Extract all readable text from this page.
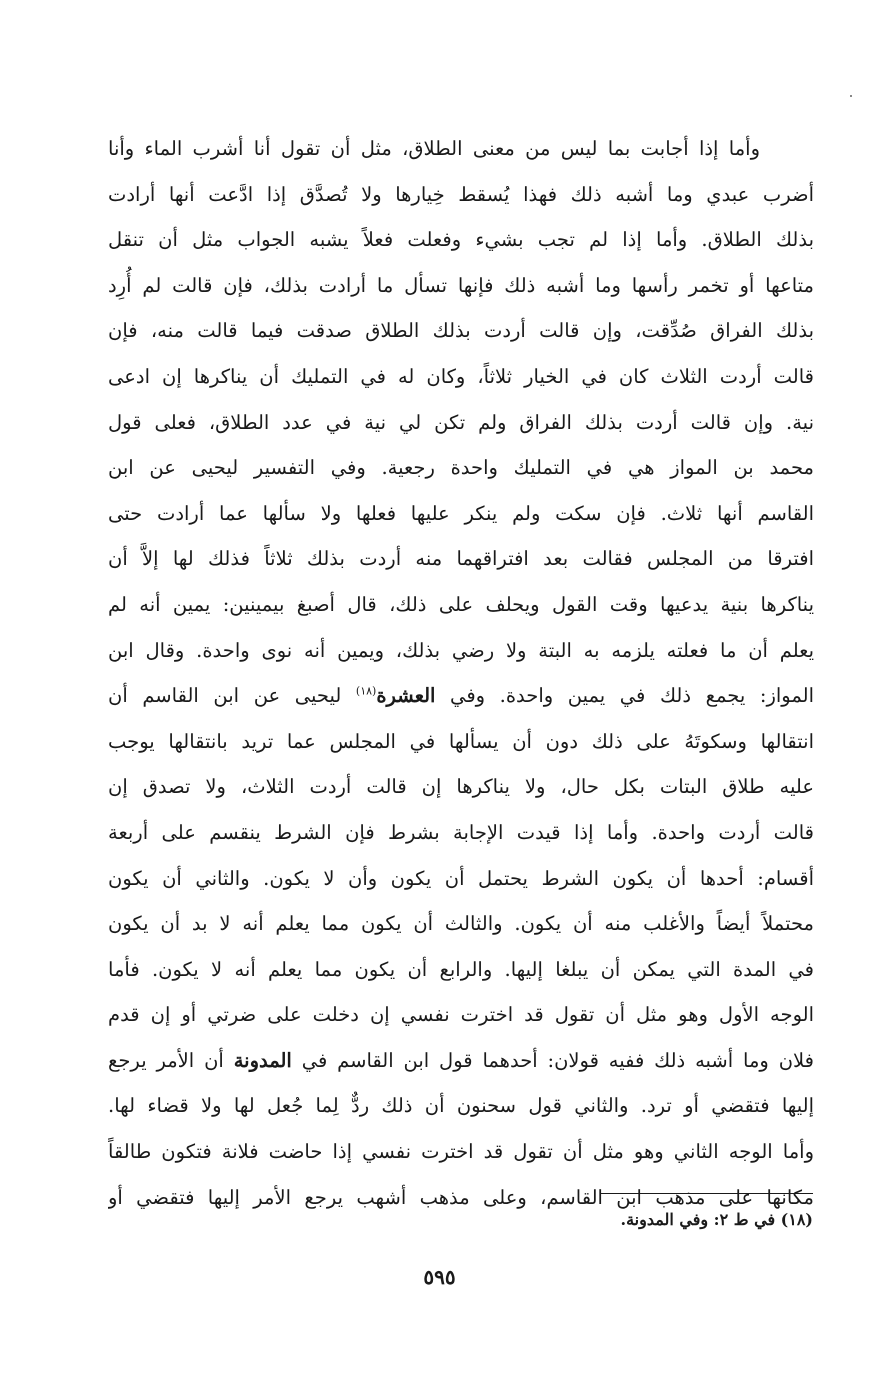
وأما إذا أجابت بما ليس من معنى الطلاق، مثل أن تقول أنا أشرب الماء وأنا
أضرب عبدي وما أشبه ذلك فهذا يُسقط خِيارها ولا تُصدَّق إذا ادَّعت أنها أرادت
بذلك الطلاق. وأما إذا لم تجب بشيء وفعلت فعلاً يشبه الجواب مثل أن تنقل
متاعها أو تخمر رأسها وما أشبه ذلك فإنها تسأل ما أرادت بذلك، فإن قالت لم أُرِد
بذلك الفراق صُدِّقت، وإن قالت أردت بذلك الطلاق صدقت فيما قالت منه، فإن
قالت أردت الثلاث كان في الخيار ثلاثاً، وكان له في التمليك أن يناكرها إن ادعى
نية. وإن قالت أردت بذلك الفراق ولم تكن لي نية في عدد الطلاق، فعلى قول
محمد بن المواز هي في التمليك واحدة رجعية. وفي التفسير ليحيى عن ابن
القاسم أنها ثلاث. فإن سكت ولم ينكر عليها فعلها ولا سألها عما أرادت حتى
افترقا من المجلس فقالت بعد افتراقهما منه أردت بذلك ثلاثاً فذلك لها إلاَّ أن
يناكرها بنية يدعيها وقت القول ويحلف على ذلك، قال أصبغ بيمينين: يمين أنه لم
يعلم أن ما فعلته يلزمه به البتة ولا رضي بذلك، ويمين أنه نوى واحدة. وقال ابن
المواز: يجمع ذلك في يمين واحدة. وفي العشرة$^{(١٨)}$ ليحيى عن ابن القاسم أن
انتقالها وسكوتَهُ على ذلك دون أن يسألها في المجلس عما تريد بانتقالها يوجب
عليه طلاق البتات بكل حال، ولا يناكرها إن قالت أردت الثلاث، ولا تصدق إن
قالت أردت واحدة. وأما إذا قيدت الإجابة بشرط فإن الشرط ينقسم على أربعة
أقسام: أحدها أن يكون الشرط يحتمل أن يكون وأن لا يكون. والثاني أن يكون
محتملاً أيضاً والأغلب منه أن يكون. والثالث أن يكون مما يعلم أنه لا بد أن يكون
في المدة التي يمكن أن يبلغا إليها. والرابع أن يكون مما يعلم أنه لا يكون. فأما
الوجه الأول وهو مثل أن تقول قد اخترت نفسي إن دخلت على ضرتي أو إن قدم
فلان وما أشبه ذلك ففيه قولان: أحدهما قول ابن القاسم في المدونة أن الأمر يرجع
إليها فتقضي أو ترد. والثاني قول سحنون أن ذلك ردٌّ لِما جُعل لها ولا قضاء لها.
وأما الوجه الثاني وهو مثل أن تقول قد اخترت نفسي إذا حاضت فلانة فتكون طالقاً
مكانها على مذهب ابن القاسم، وعلى مذهب أشهب يرجع الأمر إليها فتقضي أو
(١٨) في ط ٢: وفي المدونة.
٥٩٥
